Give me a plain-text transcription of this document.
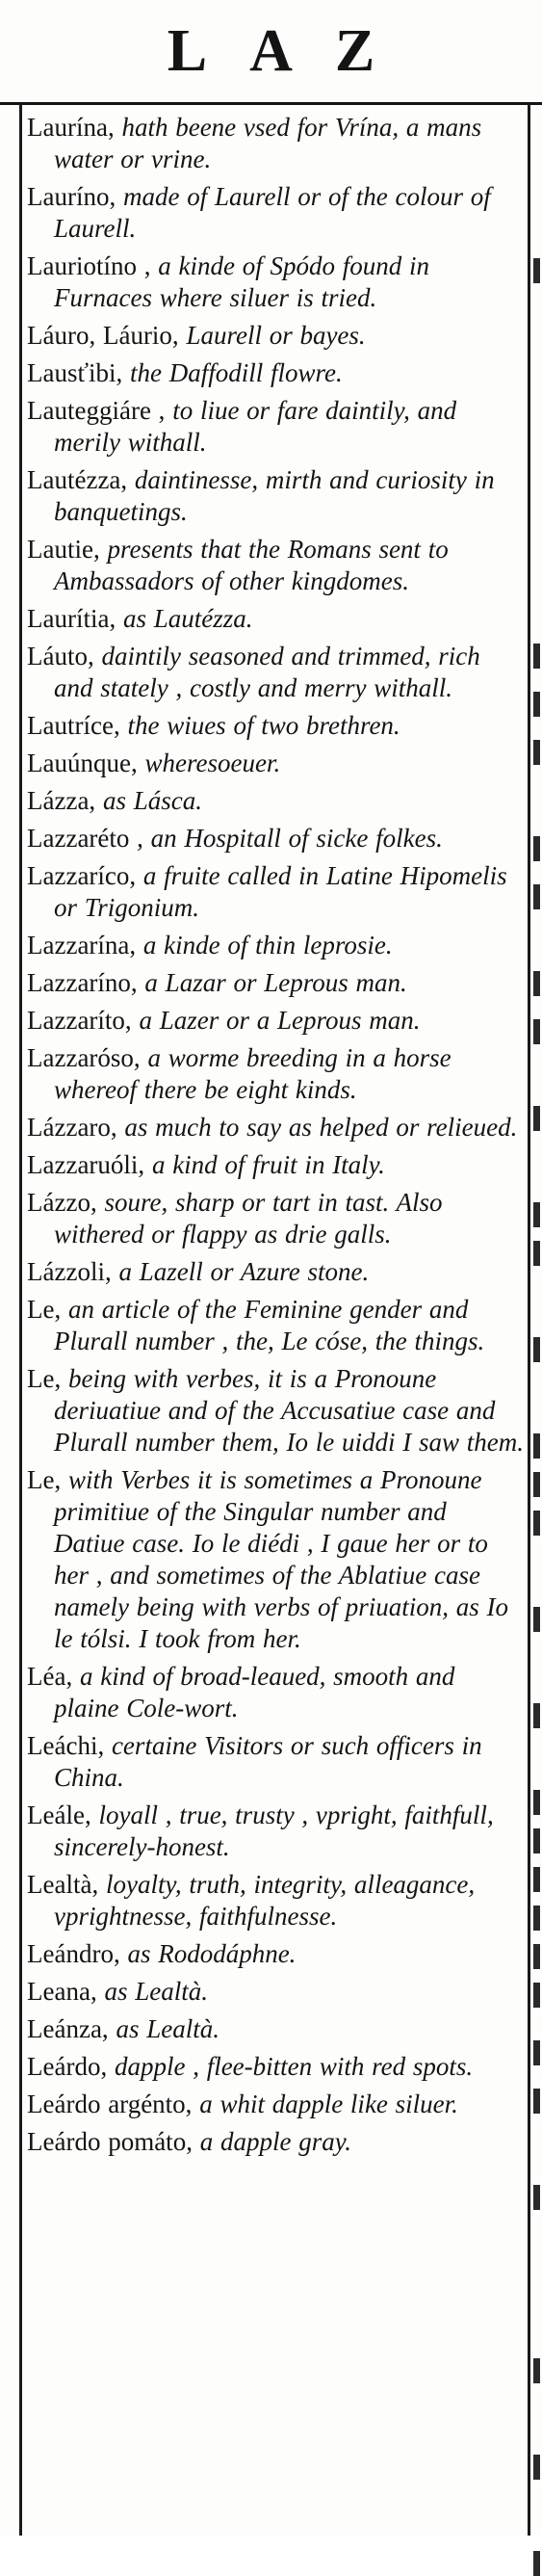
LAZ

Laurína, hath beene vsed for Vrína, a mans water or vrine.

Lauríno, made of Laurell or of the colour of Laurell.

Lauriotíno , a kinde of Spódo found in Furnaces where siluer is tried.

Láuro, Láurio, Laurell or bayes.

Lausťibi, the Daffodill flowre.

Lauteggiáre , to liue or fare daintily, and merily withall.

Lautézza, daintinesse, mirth and curiosity in banquetings.

Lautie, presents that the Romans sent to Ambassadors of other kingdomes.

Laurítia, as Lautézza.

Láuto, daintily seasoned and trimmed, rich and stately , costly and merry withall.

Lautríce, the wiues of two brethren.

Lauúnque, wheresoeuer.

Lázza, as Lásca.

Lazzaréto , an Hospitall of sicke folkes.

Lazzaríco, a fruite called in Latine Hipomelis or Trigonium.

Lazzarína, a kinde of thin leprosie.

Lazzaríno, a Lazar or Leprous man.

Lazzaríto, a Lazer or a Leprous man.

Lazzaróso, a worme breeding in a horse whereof there be eight kinds.

Lázzaro, as much to say as helped or relieued.

Lazzaruóli, a kind of fruit in Italy.

Lázzo, soure, sharp or tart in tast. Also withered or flappy as drie galls.

Lázzoli, a Lazell or Azure stone.

Le, an article of the Feminine gender and Plurall number , the, Le cóse, the things.

Le, being with verbes, it is a Pronoune deriuatiue and of the Accusatiue case and Plurall number them, Io le uiddi I saw them.

Le, with Verbes it is sometimes a Pronoune primitiue of the Singular number and Datiue case. Io le diédi , I gaue her or to her , and sometimes of the Ablatiue case namely being with verbs of priuation, as Io le tólsi. I took from her.

Léa, a kind of broad-leaued, smooth and plaine Cole-wort.

Leáchi, certaine Visitors or such officers in China.

Leále, loyall , true, trusty , vpright, faithfull, sincerely-honest.

Lealtà, loyalty, truth, integrity, alleagance, vprightnesse, faithfulnesse.

Leándro, as Rododáphne.

Leana, as Lealtà.

Leánza, as Lealtà.

Leárdo, dapple , flee-bitten with red spots.

Leárdo argénto, a whit dapple like siluer.

Leárdo pomáto, a dapple gray.
